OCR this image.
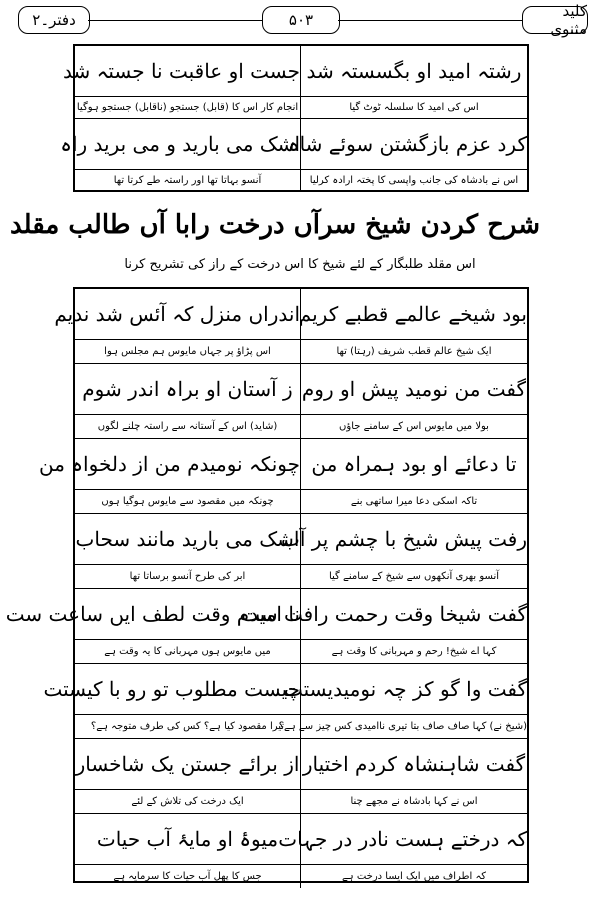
دفتر۔۲	۵۰۳	کلید مثنوی
رشتہ امید او بگسستہ شد
اس کی امید کا سلسلہ ٹوٹ گیا
جست او عاقبت نا جستہ شد
انجام کار اس کا (قابل) جستجو (ناقابل) جستجو ہوگیا
کرد عزم بازگشتن سوئے شاہ
اس نے بادشاہ کی جانب واپسی کا پختہ ارادہ کرلیا
اشک می بارید و می برید راہ
آنسو بہاتا تھا اور راستہ طے کرتا تھا
شرح کردن شیخ سرآں درخت رابا آں طالب مقلد
اس مقلد طلبگار کے لئے شیخ کا اس درخت کے راز کی تشریح کرنا
بود شیخے عالمے قطبے کریم
ایک شیخ عالم قطب شریف (رہتا) تھا
اندراں منزل کہ آئس شد ندیم
اس پڑاؤ پر جہاں مایوس ہم مجلس ہوا
گفت من نومید پیش او روم
بولا میں مایوس اس کے سامنے جاؤں
ز آستان او براہ اندر شوم
(شاید) اس کے آستانہ سے راستہ چلنے لگوں
تا دعائے او بود ہمراہ من
تاکہ اسکی دعا میرا ساتھی بنے
چونکہ نومیدم من از دلخواہ من
چونکہ میں مقصود سے مایوس ہوگیا ہوں
رفت پیش شیخ با چشم پر آب
آنسو بھری آنکھوں سے شیخ کے سامنے گیا
اشک می بارید مانند سحاب
ابر کی طرح آنسو برساتا تھا
گفت شیخا وقت رحمت رافت ست
کہا اے شیخ! رحم و مہربانی کا وقت ہے
نا امیدم وقت لطف ایں ساعت ست
میں مایوس ہوں مہربانی کا یہ وقت ہے
گفت وا گو کز چہ نومیدیستت
(شیخ نے) کہا صاف صاف بتا تیری ناامیدی کس چیز سے ہے؟
چیست مطلوب تو رو با کیستت
تیرا مقصود کیا ہے؟ کس کی طرف متوجہ ہے؟
گفت شاہنشاہ کردم اختیار
اس نے کہا بادشاہ نے مجھے چنا
از برائے جستن یک شاخسار
ایک درخت کی تلاش کے لئے
کہ درختے ہست نادر در جہات
کہ اطراف میں ایک ایسا درخت ہے
میوۂ او مایۂ آب حیات
جس کا پھل آب حیات کا سرمایہ ہے
